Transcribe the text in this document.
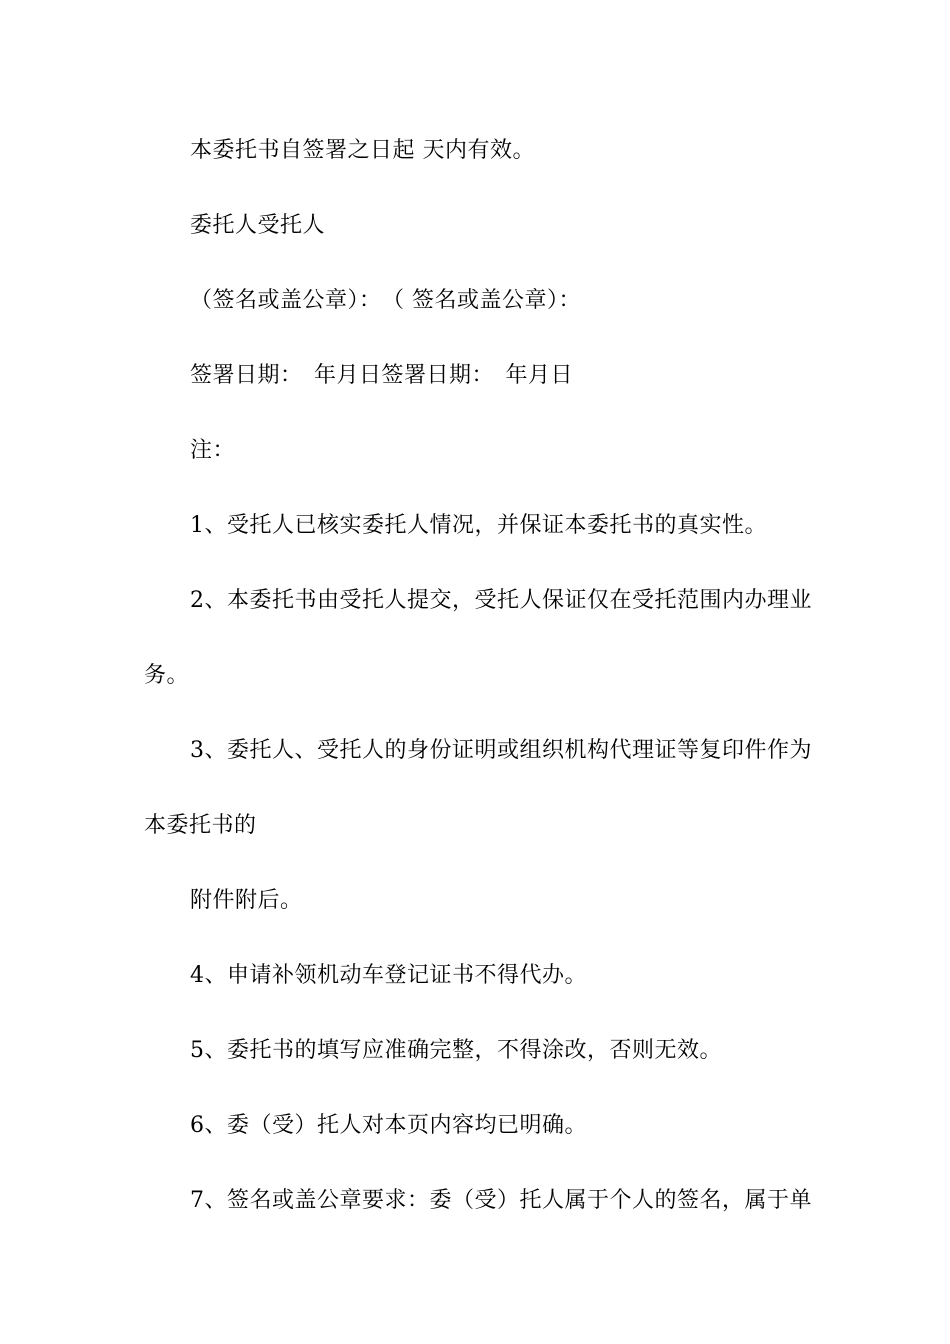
本委托书自签署之日起 天内有效。
委托人受托人
（签名或盖公章）：　（ 签名或盖公章）：
签署日期：　年月日签署日期：　年月日
注：
1、受托人已核实委托人情况，并保证本委托书的真实性。
2、本委托书由受托人提交，受托人保证仅在受托范围内办理业
务。
3、委托人、受托人的身份证明或组织机构代理证等复印件作为
本委托书的
附件附后。
4、申请补领机动车登记证书不得代办。
5、委托书的填写应准确完整，不得涂改，否则无效。
6、委（受）托人对本页内容均已明确。
7、签名或盖公章要求：委（受）托人属于个人的签名，属于单
